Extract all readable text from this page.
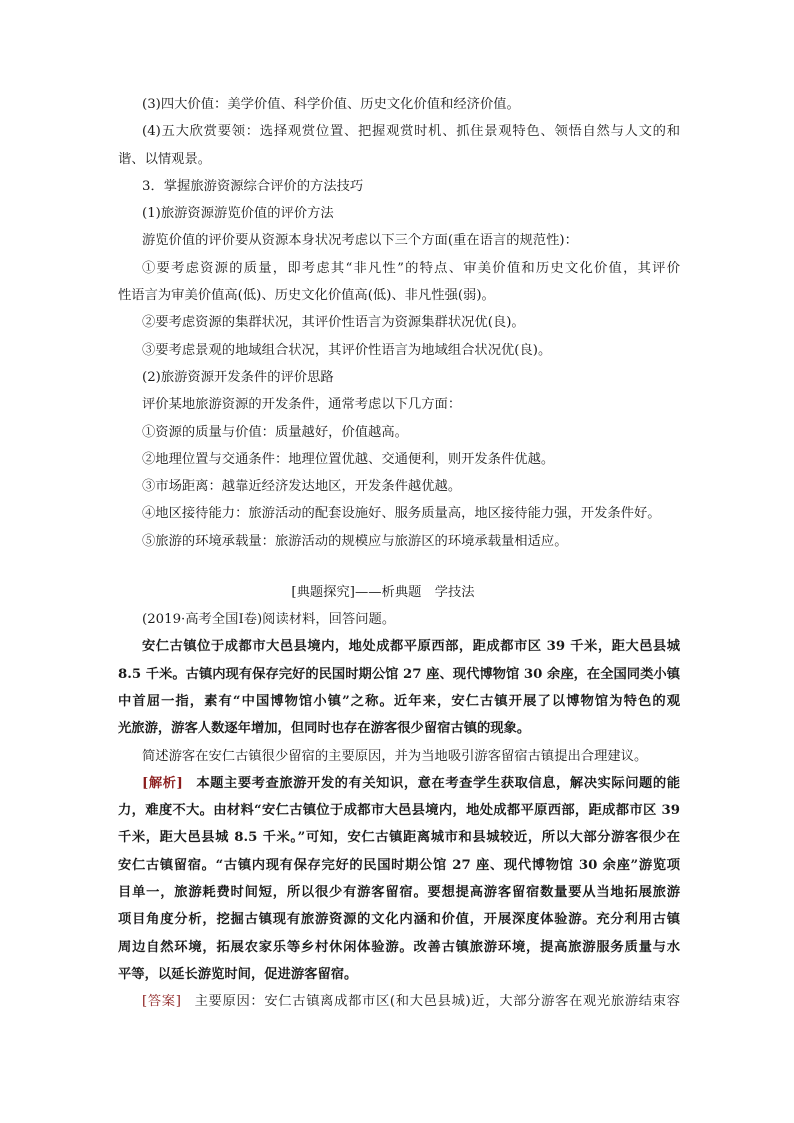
(3)四大价值：美学价值、科学价值、历史文化价值和经济价值。
(4)五大欣赏要领：选择观赏位置、把握观赏时机、抓住景观特色、领悟自然与人文的和
谐、以情观景。
3．掌握旅游资源综合评价的方法技巧
(1)旅游资源游览价值的评价方法
游览价值的评价要从资源本身状况考虑以下三个方面(重在语言的规范性)：
①要考虑资源的质量，即考虑其“非凡性”的特点、审美价值和历史文化价值，其评价
性语言为审美价值高(低)、历史文化价值高(低)、非凡性强(弱)。
②要考虑资源的集群状况，其评价性语言为资源集群状况优(良)。
③要考虑景观的地域组合状况，其评价性语言为地域组合状况优(良)。
(2)旅游资源开发条件的评价思路
评价某地旅游资源的开发条件，通常考虑以下几方面：
①资源的质量与价值：质量越好，价值越高。
②地理位置与交通条件：地理位置优越、交通便利，则开发条件优越。
③市场距离：越靠近经济发达地区，开发条件越优越。
④地区接待能力：旅游活动的配套设施好、服务质量高，地区接待能力强，开发条件好。
⑤旅游的环境承载量：旅游活动的规模应与旅游区的环境承载量相适应。
[典题探究]——析典题　学技法
(2019·高考全国Ⅰ卷)阅读材料，回答问题。
安仁古镇位于成都市大邑县境内，地处成都平原西部，距成都市区 39 千米，距大邑县城
8.5 千米。古镇内现有保存完好的民国时期公馆 27 座、现代博物馆 30 余座，在全国同类小镇
中首屈一指，素有“中国博物馆小镇”之称。近年来，安仁古镇开展了以博物馆为特色的观
光旅游，游客人数逐年增加，但同时也存在游客很少留宿古镇的现象。
简述游客在安仁古镇很少留宿的主要原因，并为当地吸引游客留宿古镇提出合理建议。
[解析] 本题主要考查旅游开发的有关知识，意在考查学生获取信息，解决实际问题的能
力，难度不大。由材料“安仁古镇位于成都市大邑县境内，地处成都平原西部，距成都市区 39
千米，距大邑县城 8.5 千米。”可知，安仁古镇距离城市和县城较近，所以大部分游客很少在
安仁古镇留宿。“古镇内现有保存完好的民国时期公馆 27 座、现代博物馆 30 余座”游览项
目单一，旅游耗费时间短，所以很少有游客留宿。要想提高游客留宿数量要从当地拓展旅游
项目角度分析，挖掘古镇现有旅游资源的文化内涵和价值，开展深度体验游。充分利用古镇
周边自然环境，拓展农家乐等乡村休闲体验游。改善古镇旅游环境，提高旅游服务质量与水
平等，以延长游览时间，促进游客留宿。
[答案] 主要原因：安仁古镇离成都市区(和大邑县城)近，大部分游客在观光旅游结束容
